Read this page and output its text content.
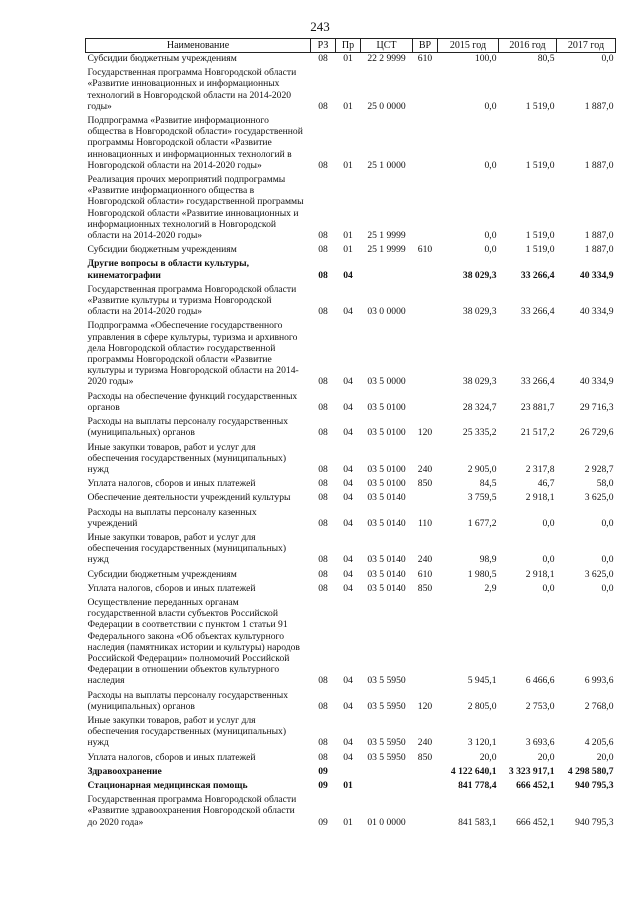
243
Наименование	РЗ	Пр	ЦСТ	ВР	2015 год	2016 год	2017 год
Субсидии бюджетным учреждениям	08	01	22 2 9999	610	100,0	80,5	0,0
Государственная программа Новгородской области «Развитие инновационных и информационных технологий в Новгородской области на 2014-2020 годы»	08	01	25 0 0000		0,0	1 519,0	1 887,0
Подпрограмма «Развитие информационного общества в Новгородской области» государственной программы Новгородской области «Развитие инновационных и информационных технологий в Новгородской области на 2014-2020 годы»	08	01	25 1 0000		0,0	1 519,0	1 887,0
Реализация прочих мероприятий подпрограммы «Развитие информационного общества в Новгородской области» государственной программы Новгородской области «Развитие инновационных и информационных технологий в Новгородской области на 2014-2020 годы»	08	01	25 1 9999		0,0	1 519,0	1 887,0
Субсидии бюджетным учреждениям	08	01	25 1 9999	610	0,0	1 519,0	1 887,0
Другие вопросы в области культуры, кинематографии	08	04			38 029,3	33 266,4	40 334,9
Государственная программа Новгородской области «Развитие культуры и туризма Новгородской области на 2014-2020 годы»	08	04	03 0 0000		38 029,3	33 266,4	40 334,9
Подпрограмма «Обеспечение государственного управления в сфере культуры, туризма и архивного дела Новгородской области» государственной программы Новгородской области «Развитие культуры и туризма Новгородской области на 2014-2020 годы»	08	04	03 5 0000		38 029,3	33 266,4	40 334,9
Расходы на обеспечение функций государственных органов	08	04	03 5 0100		28 324,7	23 881,7	29 716,3
Расходы на выплаты персоналу государственных (муниципальных) органов	08	04	03 5 0100	120	25 335,2	21 517,2	26 729,6
Иные закупки товаров, работ и услуг для обеспечения государственных (муниципальных) нужд	08	04	03 5 0100	240	2 905,0	2 317,8	2 928,7
Уплата налогов, сборов и иных платежей	08	04	03 5 0100	850	84,5	46,7	58,0
Обеспечение деятельности учреждений культуры	08	04	03 5 0140		3 759,5	2 918,1	3 625,0
Расходы на выплаты персоналу казенных учреждений	08	04	03 5 0140	110	1 677,2	0,0	0,0
Иные закупки товаров, работ и услуг для обеспечения государственных (муниципальных) нужд	08	04	03 5 0140	240	98,9	0,0	0,0
Субсидии бюджетным учреждениям	08	04	03 5 0140	610	1 980,5	2 918,1	3 625,0
Уплата налогов, сборов и иных платежей	08	04	03 5 0140	850	2,9	0,0	0,0
Осуществление переданных органам государственной власти субъектов Российской Федерации в соответствии с пунктом 1 статьи 91 Федерального закона «Об объектах культурного наследия (памятниках истории и культуры) народов Российской Федерации» полномочий Российской Федерации в отношении объектов культурного наследия	08	04	03 5 5950		5 945,1	6 466,6	6 993,6
Расходы на выплаты персоналу государственных (муниципальных) органов	08	04	03 5 5950	120	2 805,0	2 753,0	2 768,0
Иные закупки товаров, работ и услуг для обеспечения государственных (муниципальных) нужд	08	04	03 5 5950	240	3 120,1	3 693,6	4 205,6
Уплата налогов, сборов и иных платежей	08	04	03 5 5950	850	20,0	20,0	20,0
Здравоохранение	09				4 122 640,1	3 323 917,1	4 298 580,7
Стационарная медицинская помощь	09	01			841 778,4	666 452,1	940 795,3
Государственная программа Новгородской области «Развитие здравоохранения Новгородской области до 2020 года»	09	01	01 0 0000		841 583,1	666 452,1	940 795,3
